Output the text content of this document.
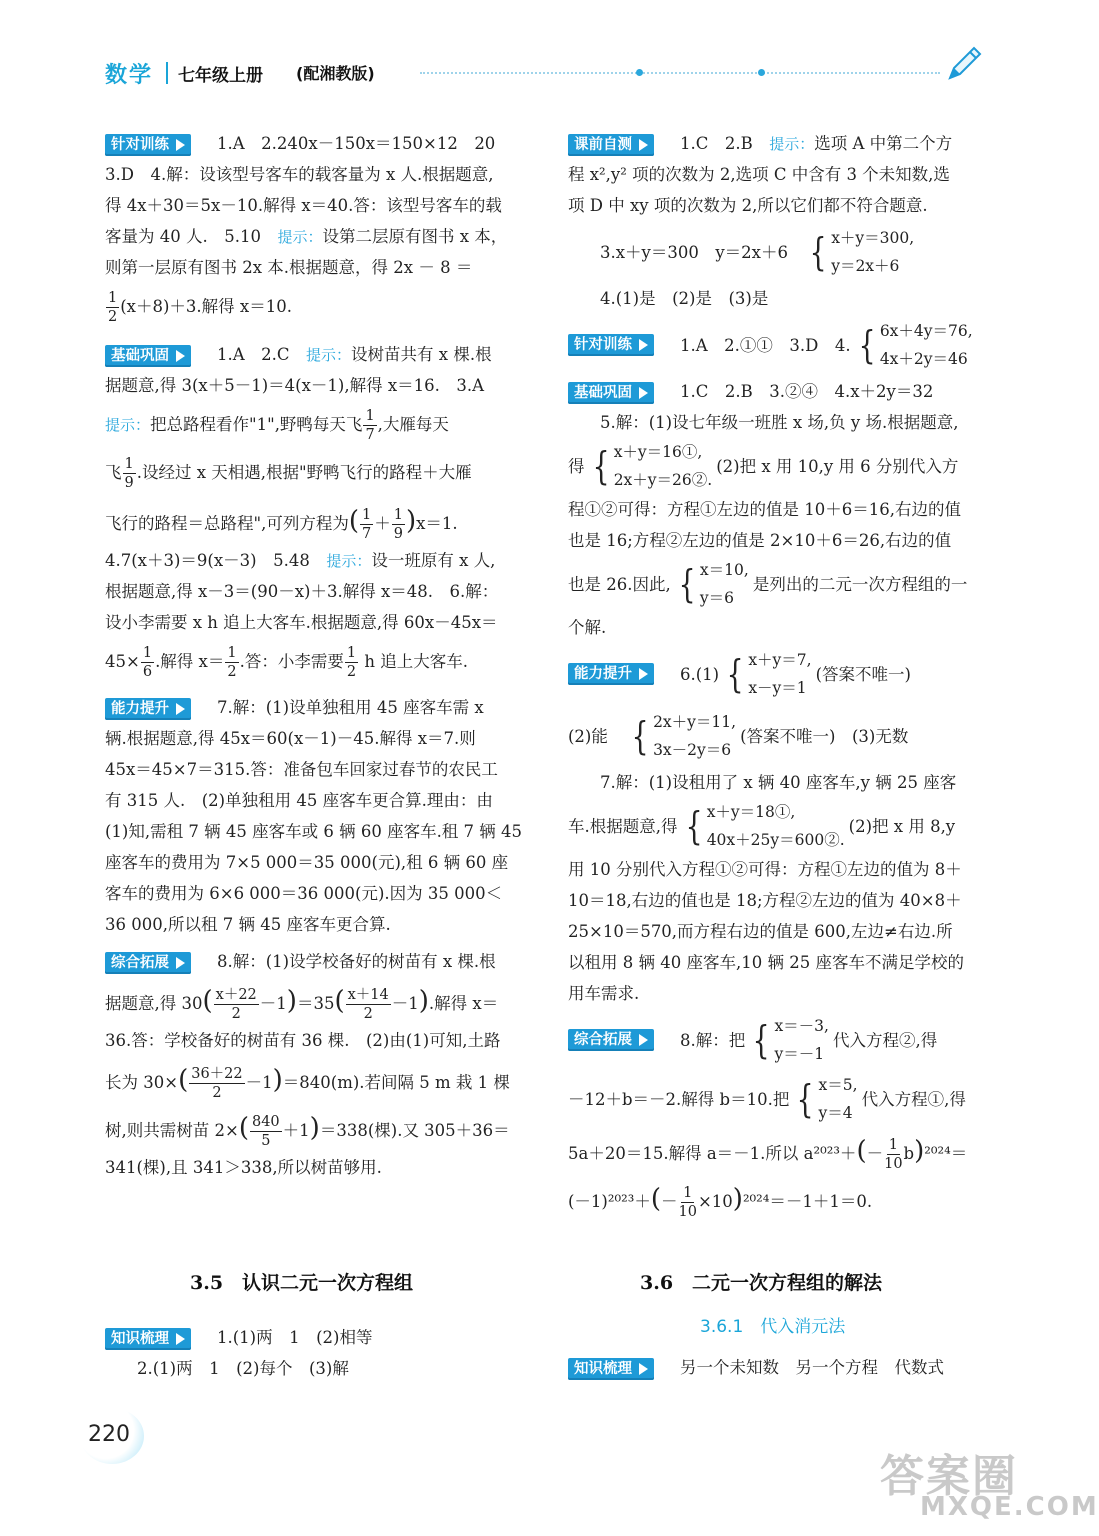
数学 七年级上册 (配湘教版)
针对训练	1.A　2.240x－150x＝150×12　20
3.D　4.解：设该型号客车的载客量为 x 人.根据题意,
得 4x＋30＝5x－10.解得 x＝40.答：该型号客车的载
客量为 40 人.　5.10　提示：设第二层原有图书 x 本，
则第一层原有图书 2x 本.根据题意，得 2x － 8 ＝
$\frac{1}{2} (x+8)+3$.解得 x＝10.
基础巩固	1.A　2.C　提示：设树苗共有 x 棵.根
据题意,得 3(x＋5－1)＝4(x－1),解得 x＝16.　3.A
提示：把总路程看作"1",野鸭每天飞 $\frac{1}{7}$ ,大雁每天
飞 $\frac{1}{9}$ .设经过 x 天相遇,根据"野鸭飞行的路程＋大雁
飞行的路程＝总路程",可列方程为( $\frac{1}{7} + \frac{1}{9} )x=1$.
4.7(x＋3)＝9(x－3)　5.48　提示：设一班原有 x 人,
根据题意,得 x－3＝(90－x)＋3.解得 x＝48.　6.解：
设小李需要 x h 追上大客车.根据题意,得 60x－45x＝
$45\times \frac{1}{6}$ .解得 $x= \frac{1}{2}$ .答：小李需要 $\frac{1}{2}$ h 追上大客车.
能力提升	7.解：(1)设单独租用 45 座客车需 x
辆.根据题意,得 45x＝60(x－1)－45.解得 x＝7.则
45x＝45×7＝315.答：准备包车回家过春节的农民工
有 315 人.　(2)单独租用 45 座客车更合算.理由：由
(1)知,需租 7 辆 45 座客车或 6 辆 60 座客车.租 7 辆 45
座客车的费用为 7×5 000＝35 000(元),租 6 辆 60 座
客车的费用为 6×6 000＝36 000(元).因为 35 000＜
36 000,所以租 7 辆 45 座客车更合算.
综合拓展	8.解：(1)设学校备好的树苗有 x 棵.根
据题意,得 $30( \frac{x+22}{2} -1)=35( \frac{x+14}{2} -1)$.解得 x＝
36.答：学校备好的树苗有 36 棵.　(2)由(1)可知,土路
长为 $30\times( \frac{36+22}{2} -1)=840(m)$.若间隔 5 m 栽 1 棵
树,则共需树苗 $2\times( \frac{840}{5} +1)=338$(棵).又 305＋36＝
341(棵),且 341＞338,所以树苗够用.
3.5　认识二元一次方程组
知识梳理	1.(1)两　1　(2)相等
2.(1)两　1　(2)每个　(3)解
课前自测	1.C　2.B　提示：选项 A 中第二个方
程 x²,y² 项的次数为 2,选项 C 中含有 3 个未知数,选
项 D 中 xy 项的次数为 2,所以它们都不符合题意.
3.x＋y＝300　y＝2x＋6 { x＋y＝300,
y＝2x＋6
4.(1)是　(2)是　(3)是
针对训练	1.A　2.①①　3.D　4. { 6x＋4y＝76,
4x＋2y＝46
基础巩固	1.C　2.B　3.②④　4.x＋2y＝32
5.解：(1)设七年级一班胜 x 场,负 y 场.根据题意,
得 { x＋y＝16①,
2x＋y＝26②.
(2)把 x 用 10,y 用 6 分别代入方
程①②可得：方程①左边的值是 10＋6＝16,右边的值
也是 16;方程②左边的值是 2×10＋6＝26,右边的值
也是 26.因此, { x＝10,
y＝6
是列出的二元一次方程组的一
个解.
能力提升	6.(1) { x＋y＝7,
x－y＝1
(答案不唯一)
(2)能 { 2x＋y＝11,
3x－2y＝6
(答案不唯一)　(3)无数
7.解：(1)设租用了 x 辆 40 座客车,y 辆 25 座客
车.根据题意,得 { x＋y＝18①,
40x＋25y＝600②.
(2)把 x 用 8,y
用 10 分别代入方程①②可得：方程①左边的值为 8＋
10＝18,右边的值也是 18;方程②左边的值为 40×8＋
25×10＝570,而方程右边的值是 600,左边≠右边.所
以租用 8 辆 40 座客车,10 辆 25 座客车不满足学校的
用车需求.
综合拓展	8.解：把 { x＝－3,
y＝－1
代入方程②,得
－12＋b＝－2.解得 b＝10.把 { x＝5,
y＝4
代入方程①,得
5a＋20＝15.解得 a＝－1.所以 $a^{2023}+(- \frac{1}{10} b)^{2024}=$
$(-1)^{2023}+(- \frac{1}{10} \times 10)^{2024}=-1+1=0$.
3.6　二元一次方程组的解法
3.6.1　代入消元法
知识梳理	另一个未知数　另一个方程　代数式
220
答案圈
MXQE.COM
